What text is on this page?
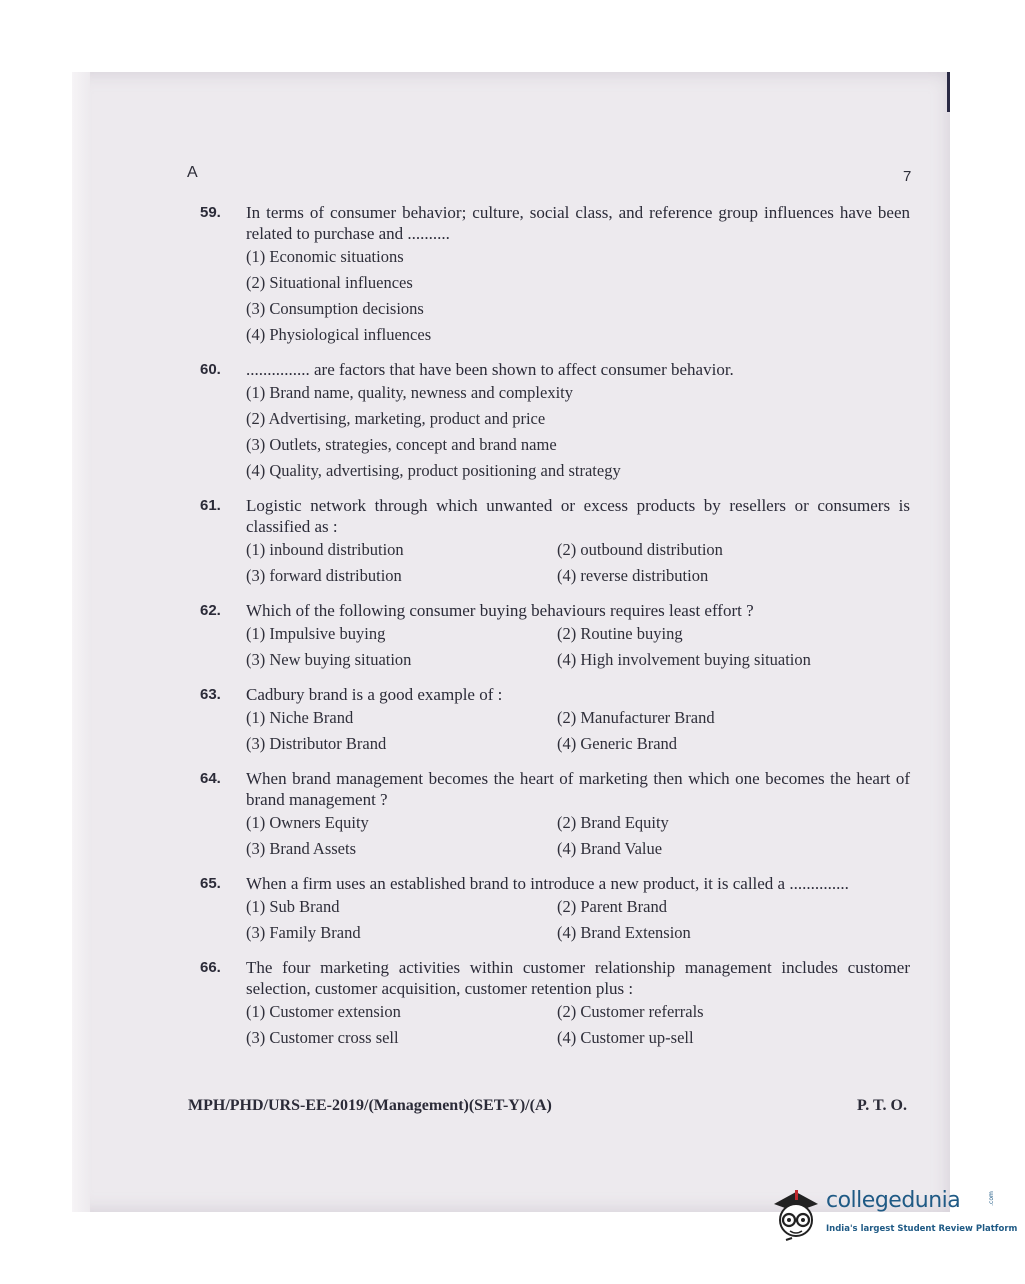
A	7
59.	In terms of consumer behavior; culture, social class, and reference group influences have been related to purchase and ..........
(1) Economic situations
(2) Situational influences
(3) Consumption decisions
(4) Physiological influences
60.	............... are factors that have been shown to affect consumer behavior.
(1) Brand name, quality, newness and complexity
(2) Advertising, marketing, product and price
(3) Outlets, strategies, concept and brand name
(4) Quality, advertising, product positioning and strategy
61.	Logistic network through which unwanted or excess products by resellers or consumers is classified as :
(1) inbound distribution	(2) outbound distribution
(3) forward distribution	(4) reverse distribution
62.	Which of the following consumer buying behaviours requires least effort ?
(1) Impulsive buying	(2) Routine buying
(3) New buying situation	(4) High involvement buying situation
63.	Cadbury brand is a good example of :
(1) Niche Brand	(2) Manufacturer Brand
(3) Distributor Brand	(4) Generic Brand
64.	When brand management becomes the heart of marketing then which one becomes the heart of brand management ?
(1) Owners Equity	(2) Brand Equity
(3) Brand Assets	(4) Brand Value
65.	When a firm uses an established brand to introduce a new product, it is called a ..............
(1) Sub Brand	(2) Parent Brand
(3) Family Brand	(4) Brand Extension
66.	The four marketing activities within customer relationship management includes customer selection, customer acquisition, customer retention plus :
(1) Customer extension	(2) Customer referrals
(3) Customer cross sell	(4) Customer up-sell
MPH/PHD/URS-EE-2019/(Management)(SET-Y)/(A)	P. T. O.
collegedunia	.com
India's largest Student Review Platform
